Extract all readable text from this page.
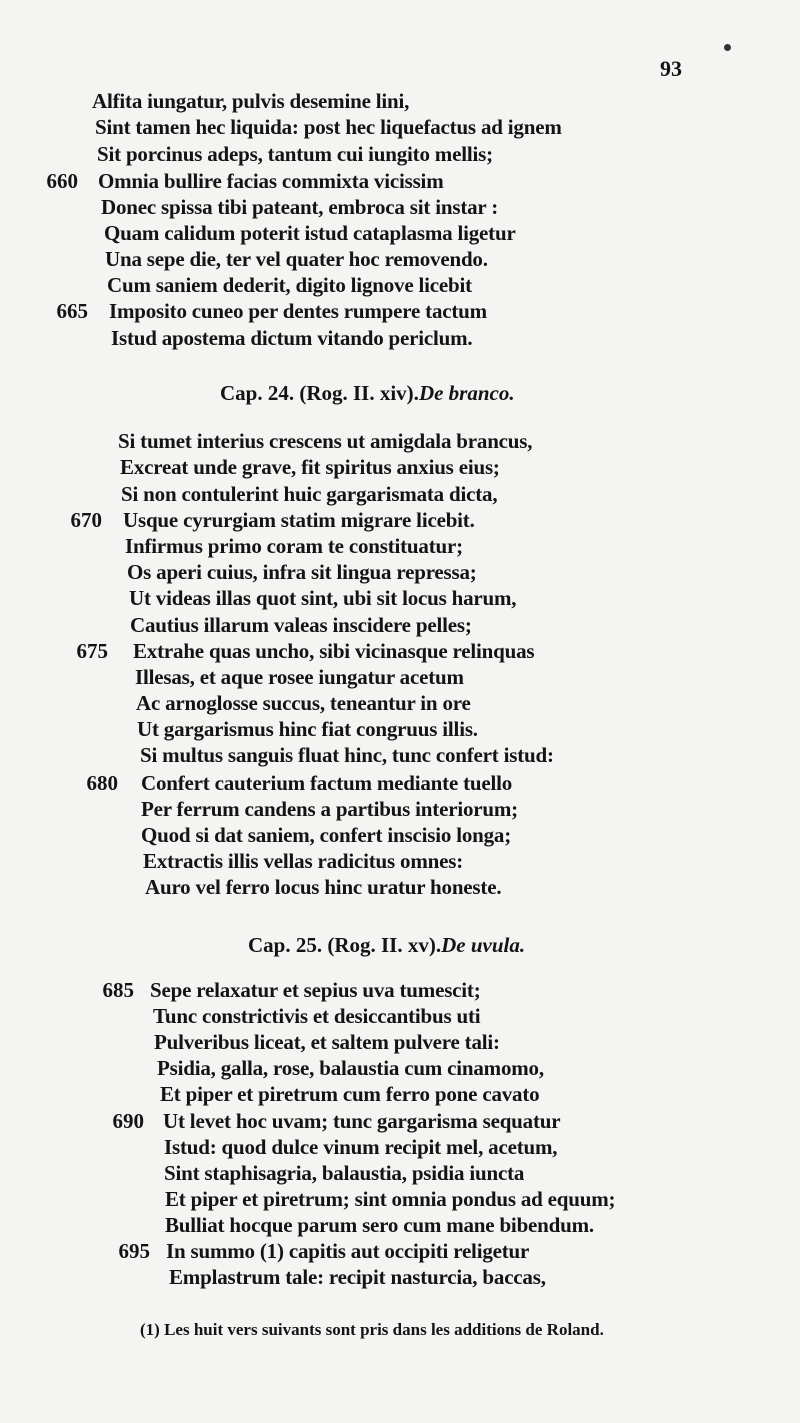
93
Alfita iungatur, pulvis desemine lini,
Sint tamen hec liquida: post hec liquefactus ad ignem
Sit porcinus adeps, tantum cui iungito mellis;
Omnia bullire facias commixta vicissim
660
Donec spissa tibi pateant, embroca sit instar :
Quam calidum poterit istud cataplasma ligetur
Una sepe die, ter vel quater hoc removendo.
Cum saniem dederit, digito lignove licebit
Imposito cuneo per dentes rumpere tactum
665
Istud apostema dictum vitando periclum.
Si tumet interius crescens ut amigdala brancus,
Excreat unde grave, fit spiritus anxius eius;
Si non contulerint huic gargarismata dicta,
Usque cyrurgiam statim migrare licebit.
670
Infirmus primo coram te constituatur;
Os aperi cuius, infra sit lingua repressa;
Ut videas illas quot sint, ubi sit locus harum,
Cautius illarum valeas inscidere pelles;
Extrahe quas uncho, sibi vicinasque relinquas
675
Illesas, et aque rosee iungatur acetum
Ac arnoglosse succus, teneantur in ore
Ut gargarismus hinc fiat congruus illis.
Si multus sanguis fluat hinc, tunc confert istud:
Confert cauterium factum mediante tuello
680
Per ferrum candens a partibus interiorum;
Quod si dat saniem, confert inscisio longa;
Extractis illis vellas radicitus omnes:
Auro vel ferro locus hinc uratur honeste.
Sepe relaxatur et sepius uva tumescit;
685
Tunc constrictivis et desiccantibus uti
Pulveribus liceat, et saltem pulvere tali:
Psidia, galla, rose, balaustia cum cinamomo,
Et piper et piretrum cum ferro pone cavato
Ut levet hoc uvam; tunc gargarisma sequatur
690
Istud: quod dulce vinum recipit mel, acetum,
Sint staphisagria, balaustia, psidia iuncta
Et piper et piretrum; sint omnia pondus ad equum;
Bulliat hocque parum sero cum mane bibendum.
In summo (1) capitis aut occipiti religetur
695
Emplastrum tale: recipit nasturcia, baccas,
Cap. 24. (Rog. II. xiv).De branco.
Cap. 25. (Rog. II. xv).De uvula.
(1) Les huit vers suivants sont pris dans les additions de Roland.
